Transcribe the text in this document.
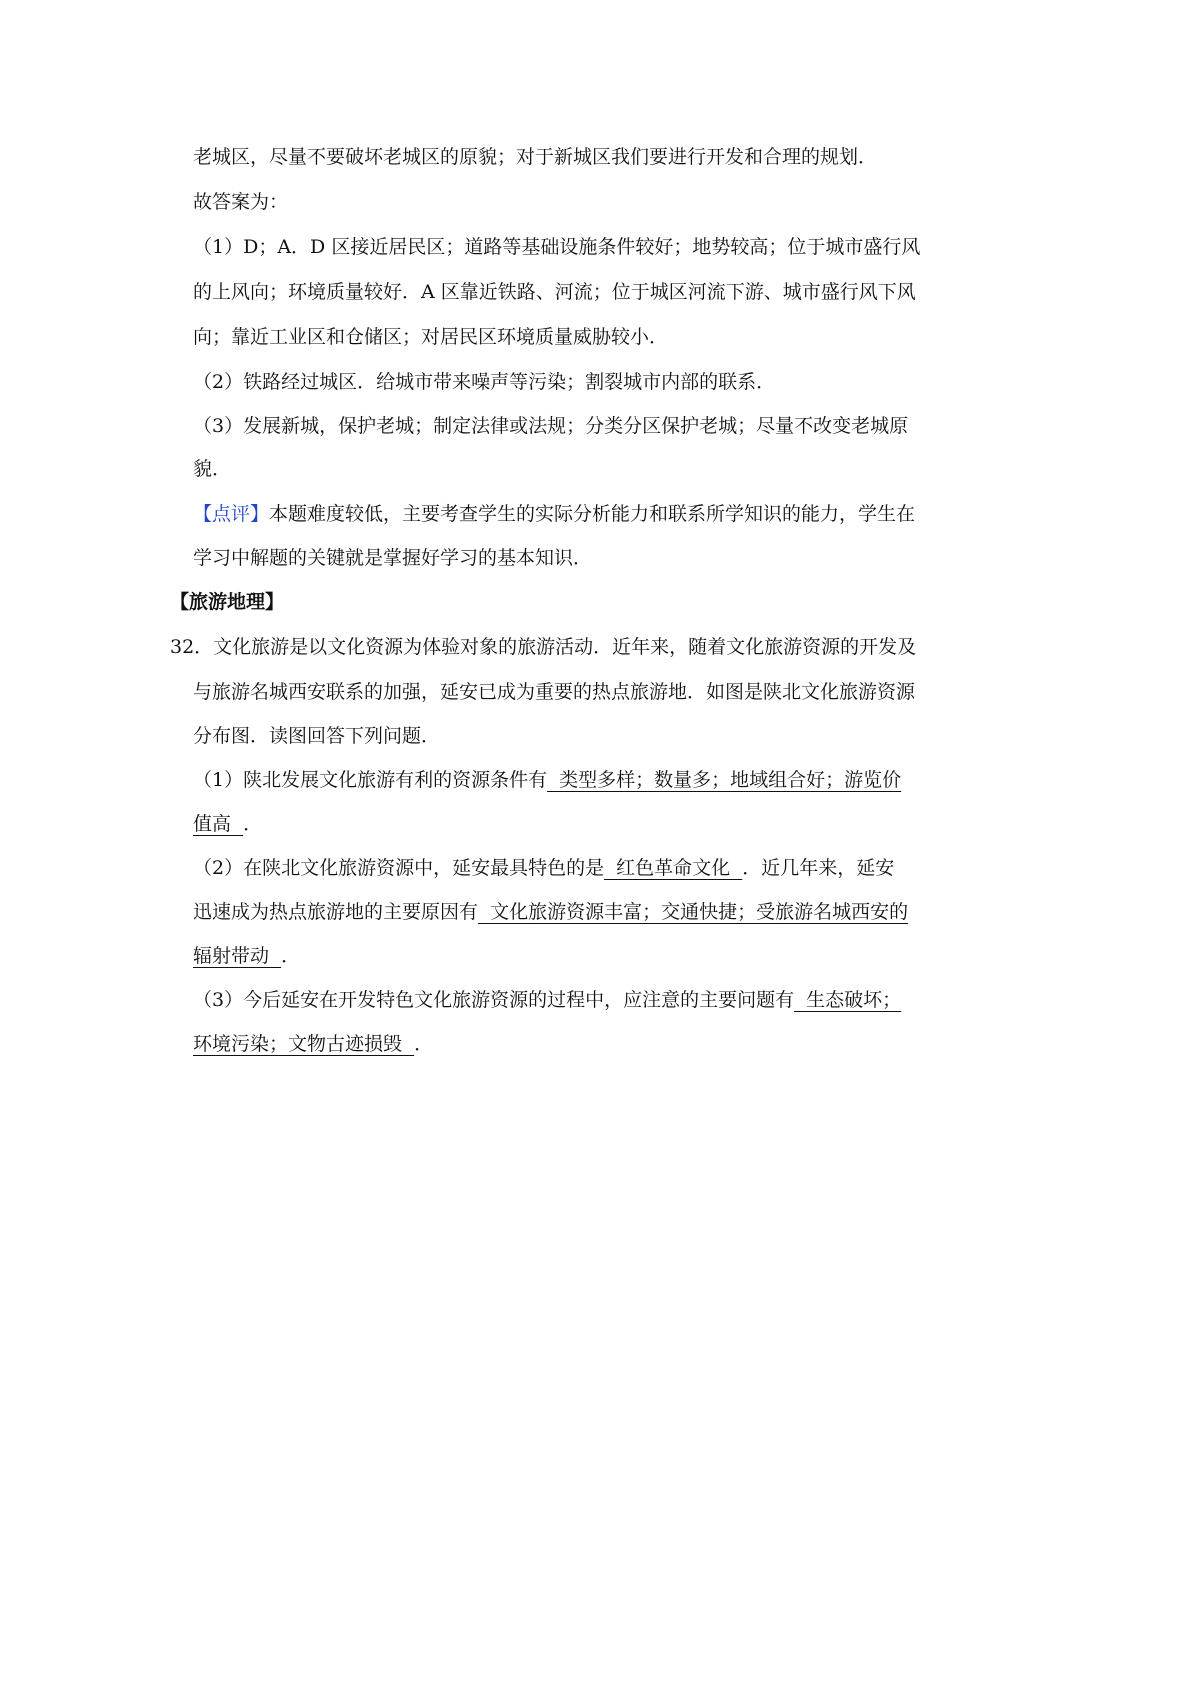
老城区，尽量不要破坏老城区的原貌；对于新城区我们要进行开发和合理的规划．
故答案为：
（1）D；A．D 区接近居民区；道路等基础设施条件较好；地势较高；位于城市盛行风
的上风向；环境质量较好．A 区靠近铁路、河流；位于城区河流下游、城市盛行风下风
向；靠近工业区和仓储区；对居民区环境质量威胁较小．
（2）铁路经过城区．给城市带来噪声等污染；割裂城市内部的联系．
（3）发展新城，保护老城；制定法律或法规；分类分区保护老城；尽量不改变老城原
貌．
【点评】本题难度较低，主要考查学生的实际分析能力和联系所学知识的能力，学生在
学习中解题的关键就是掌握好学习的基本知识．
【旅游地理】
32．文化旅游是以文化资源为体验对象的旅游活动．近年来，随着文化旅游资源的开发及
与旅游名城西安联系的加强，延安已成为重要的热点旅游地．如图是陕北文化旅游资源
分布图．读图回答下列问题．
（1）陕北发展文化旅游有利的资源条件有  类型多样；数量多；地域组合好；游览价
值高  ．
（2）在陕北文化旅游资源中，延安最具特色的是  红色革命文化  ．近几年来，延安
迅速成为热点旅游地的主要原因有  文化旅游资源丰富；交通快捷；受旅游名城西安的
辐射带动  ．
（3）今后延安在开发特色文化旅游资源的过程中，应注意的主要问题有  生态破坏；
环境污染；文物古迹损毁  ．
